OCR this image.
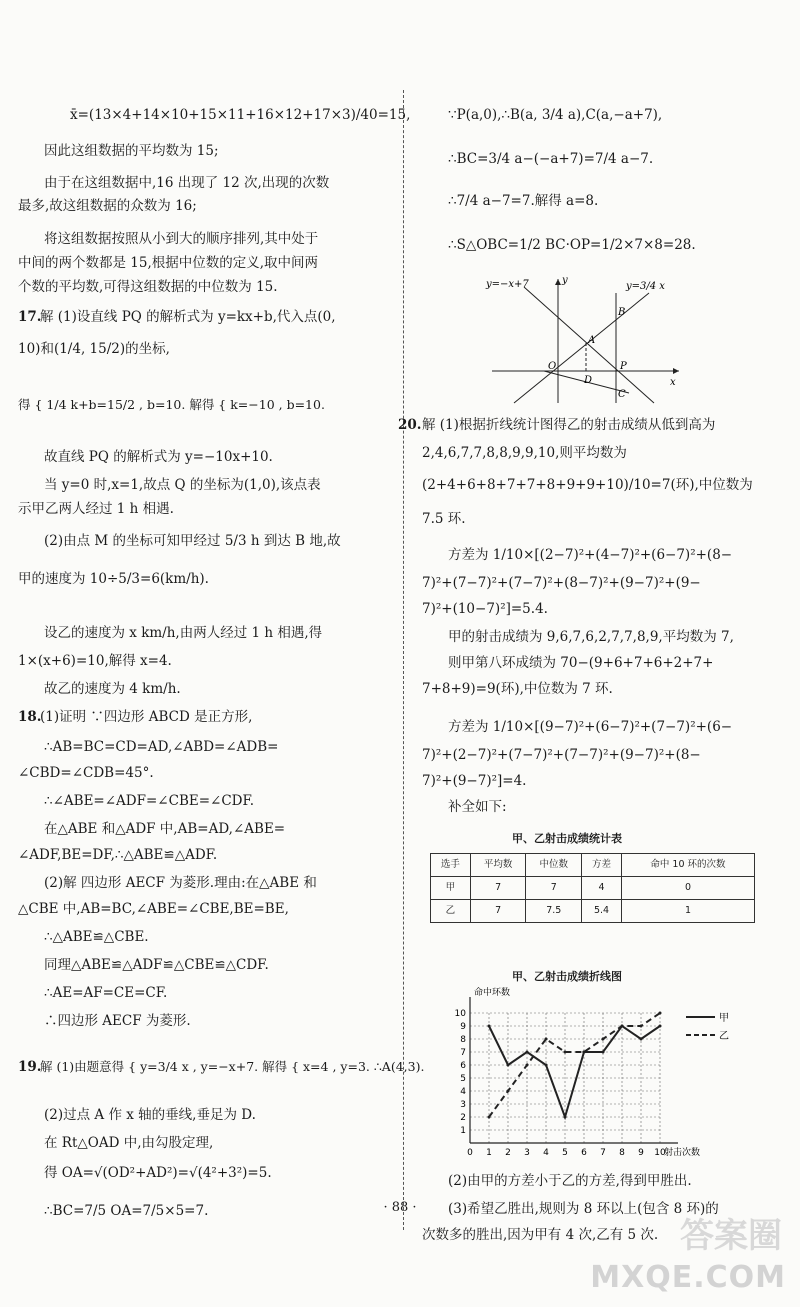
x̄=(13×4+14×10+15×11+16×12+17×3)/40=15,
因此这组数据的平均数为 15;
由于在这组数据中,16 出现了 12 次,出现的次数
最多,故这组数据的众数为 16;
将这组数据按照从小到大的顺序排列,其中处于
中间的两个数都是 15,根据中位数的定义,取中间两
个数的平均数,可得这组数据的中位数为 15.
17.
解 (1)设直线 PQ 的解析式为 y=kx+b,代入点(0,
10)和(1/4, 15/2)的坐标,
得 { 1/4 k+b=15/2 , b=10. 解得 { k=−10 , b=10.
故直线 PQ 的解析式为 y=−10x+10.
当 y=0 时,x=1,故点 Q 的坐标为(1,0),该点表
示甲乙两人经过 1 h 相遇.
(2)由点 M 的坐标可知甲经过 5/3 h 到达 B 地,故
甲的速度为 10÷5/3=6(km/h).
设乙的速度为 x km/h,由两人经过 1 h 相遇,得
1×(x+6)=10,解得 x=4.
故乙的速度为 4 km/h.
18.
(1)证明 ∵四边形 ABCD 是正方形,
∴AB=BC=CD=AD,∠ABD=∠ADB=
∠CBD=∠CDB=45°.
∴∠ABE=∠ADF=∠CBE=∠CDF.
在△ABE 和△ADF 中,AB=AD,∠ABE=
∠ADF,BE=DF,∴△ABE≌△ADF.
(2)解 四边形 AECF 为菱形.理由:在△ABE 和
△CBE 中,AB=BC,∠ABE=∠CBE,BE=BE,
∴△ABE≌△CBE.
同理△ABE≌△ADF≌△CBE≌△CDF.
∴AE=AF=CE=CF.
∴四边形 AECF 为菱形.
19.
解 (1)由题意得 { y=3/4 x , y=−x+7. 解得 { x=4 , y=3. ∴A(4,3).
(2)过点 A 作 x 轴的垂线,垂足为 D.
在 Rt△OAD 中,由勾股定理,
得 OA=√(OD²+AD²)=√(4²+3²)=5.
∴BC=7/5 OA=7/5×5=7.
∵P(a,0),∴B(a, 3/4 a),C(a,−a+7),
∴BC=3/4 a−(−a+7)=7/4 a−7.
∴7/4 a−7=7.解得 a=8.
∴S△OBC=1/2 BC·OP=1/2×7×8=28.
y=−x+7	y=3/4 x
y
x
O
A
B
C
D
P
20. 解 (1)根据折线统计图得乙的射击成绩从低到高为
2,4,6,7,7,8,8,9,9,10,则平均数为
(2+4+6+8+7+7+8+9+9+10)/10=7(环),中位数为
7.5 环.
方差为 1/10×[(2−7)²+(4−7)²+(6−7)²+(8−
7)²+(7−7)²+(7−7)²+(8−7)²+(9−7)²+(9−
7)²+(10−7)²]=5.4.
甲的射击成绩为 9,6,7,6,2,7,7,8,9,平均数为 7,
则甲第八环成绩为 70−(9+6+7+6+2+7+
7+8+9)=9(环),中位数为 7 环.
方差为 1/10×[(9−7)²+(6−7)²+(7−7)²+(6−
7)²+(2−7)²+(7−7)²+(7−7)²+(9−7)²+(8−
7)²+(9−7)²]=4.
补全如下:
甲、乙射击成绩统计表
选手	平均数	中位数	方差	命中 10 环的次数
甲	7	7	4	0
乙	7	7.5	5.4	1
甲、乙射击成绩折线图
1
2
3
4
5
6
7
8
9
10
0 1 2 3 4 5 6 7 8 9 10
命中环数
射击次数
甲
乙
(2)由甲的方差小于乙的方差,得到甲胜出.
(3)希望乙胜出,规则为 8 环以上(包含 8 环)的
次数多的胜出,因为甲有 4 次,乙有 5 次.
· 88 ·
答案圈
MXQE.COM
